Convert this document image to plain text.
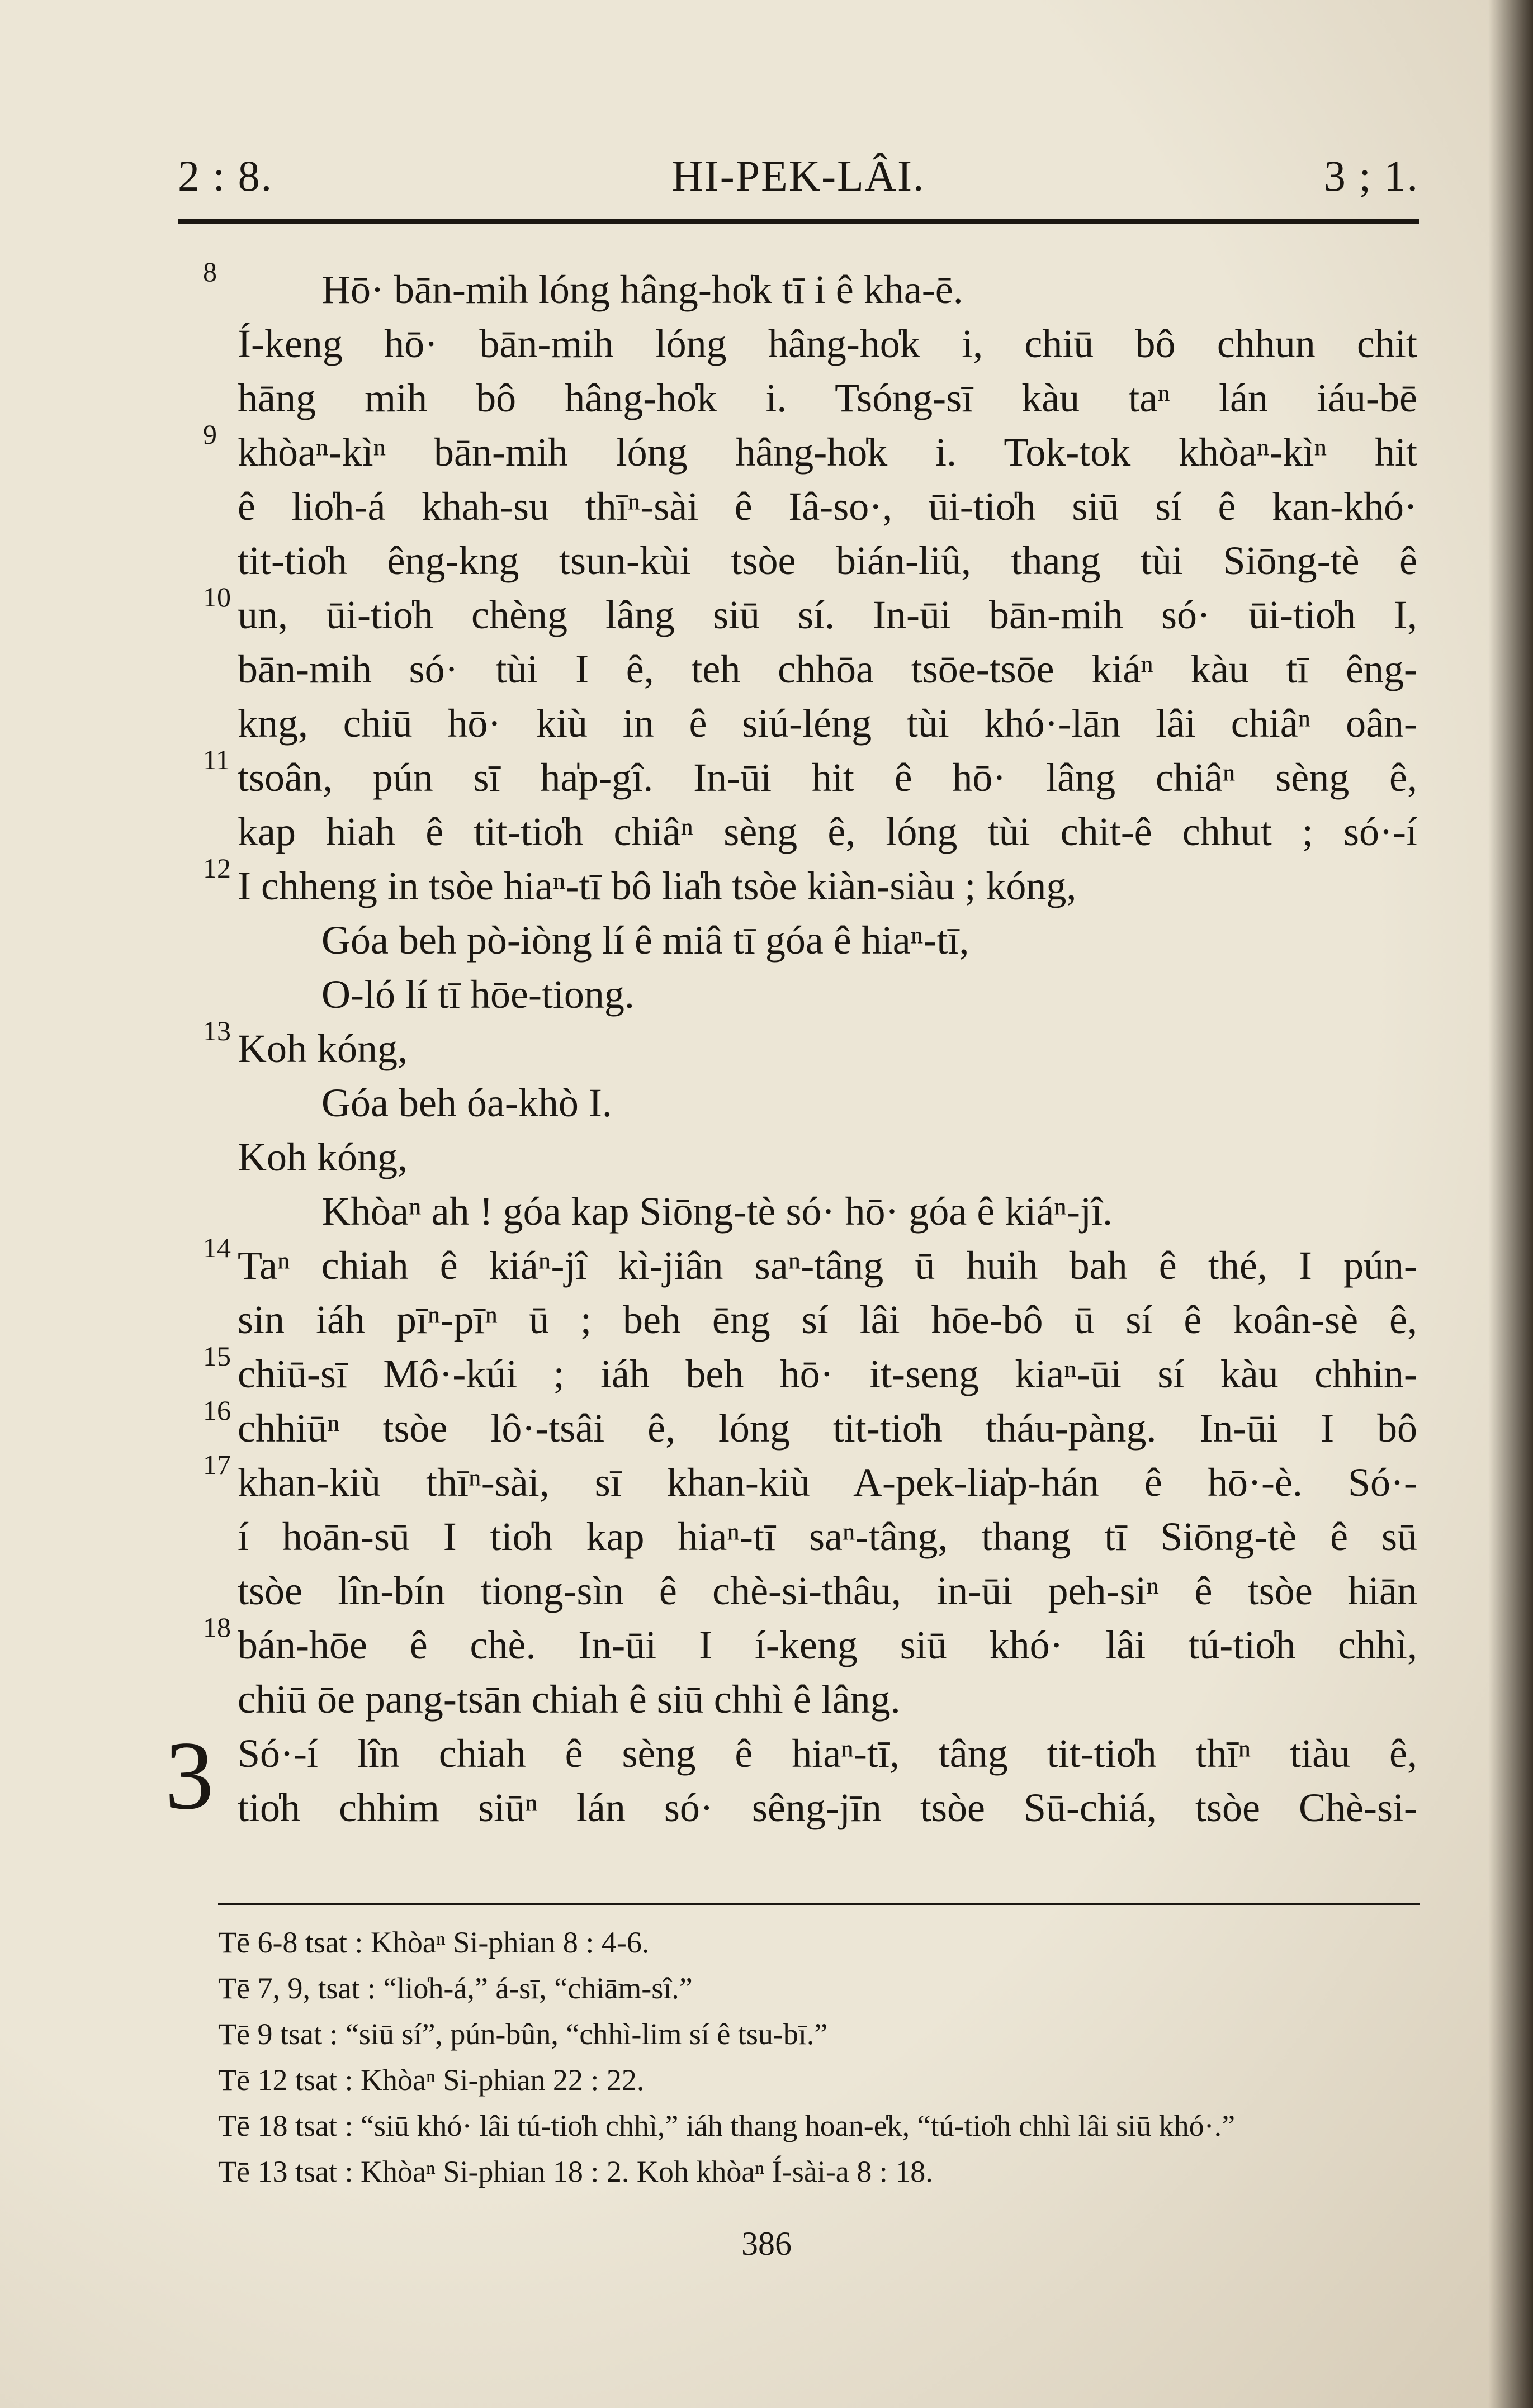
2 : 8.	HI-PEK-LÂI.	3 ; 1.
8	Hō· bān-mih lóng hâng-ho̍k tī i ê kha-ē.
Í-keng hō· bān-mih lóng hâng-ho̍k i, chiū bô chhun chit
hāng mih bô hâng-ho̍k i. Tsóng-sī kàu taⁿ lán iáu-bē
9 khòaⁿ-kìⁿ bān-mih lóng hâng-ho̍k i. Tok-tok khòaⁿ-kìⁿ hit
ê lio̍h-á khah-su thīⁿ-sài ê Iâ-so·, ūi-tio̍h siū sí ê kan-khó·
tit-tio̍h êng-kng tsun-kùi tsòe bián-liû, thang tùi Siōng-tè ê
10 un, ūi-tio̍h chèng lâng siū sí. In-ūi bān-mih só· ūi-tio̍h I,
bān-mih só· tùi I ê, teh chhōa tsōe-tsōe kiáⁿ kàu tī êng-
kng, chiū hō· kiù in ê siú-léng tùi khó·-lān lâi chiâⁿ oân-
11 tsoân, pún sī ha̍p-gî. In-ūi hit ê hō· lâng chiâⁿ sèng ê,
kap hiah ê tit-tio̍h chiâⁿ sèng ê, lóng tùi chit-ê chhut ; só·-í
12 I chheng in tsòe hiaⁿ-tī bô lia̍h tsòe kiàn-siàu ; kóng,
Góa beh pò-iòng lí ê miâ tī góa ê hiaⁿ-tī,
O-ló lí tī hōe-tiong.
13 Koh kóng,
Góa beh óa-khò I.
Koh kóng,
Khòaⁿ ah ! góa kap Siōng-tè só· hō· góa ê kiáⁿ-jî.
14 Taⁿ chiah ê kiáⁿ-jî kì-jiân saⁿ-tâng ū huih bah ê thé, I pún-
sin iáh pīⁿ-pīⁿ ū ; beh ēng sí lâi hōe-bô ū sí ê koân-sè ê,
15 chiū-sī Mô·-kúi ; iáh beh hō· it-seng kiaⁿ-ūi sí kàu chhin-
16 chhiūⁿ tsòe lô·-tsâi ê, lóng tit-tio̍h tháu-pàng. In-ūi I bô
17 khan-kiù thīⁿ-sài, sī khan-kiù A-pek-lia̍p-hán ê hō·-è. Só·-
í hoān-sū I tio̍h kap hiaⁿ-tī saⁿ-tâng, thang tī Siōng-tè ê sū
tsòe lîn-bín tiong-sìn ê chè-si-thâu, in-ūi peh-siⁿ ê tsòe hiān
18 bán-hōe ê chè. In-ūi I í-keng siū khó· lâi tú-tio̍h chhì,
chiū ōe pang-tsān chiah ê siū chhì ê lâng.
3 Só·-í lîn chiah ê sèng ê hiaⁿ-tī, tâng tit-tio̍h thīⁿ tiàu ê,
tio̍h chhim siūⁿ lán só· sêng-jīn tsòe Sū-chiá, tsòe Chè-si-
Tē 6-8 tsat : Khòaⁿ Si-phian 8 : 4-6.
Tē 7, 9, tsat : “lio̍h-á,” á-sī, “chiām-sî.”
Tē 9 tsat : “siū sí”, pún-bûn, “chhì-lim sí ê tsu-bī.”
Tē 12 tsat : Khòaⁿ Si-phian 22 : 22.
Tē 18 tsat : “siū khó· lâi tú-tio̍h chhì,” iáh thang hoan-e̍k, “tú-tio̍h chhì lâi siū khó·.”
Tē 13 tsat : Khòaⁿ Si-phian 18 : 2. Koh khòaⁿ Í-sài-a 8 : 18.
386
